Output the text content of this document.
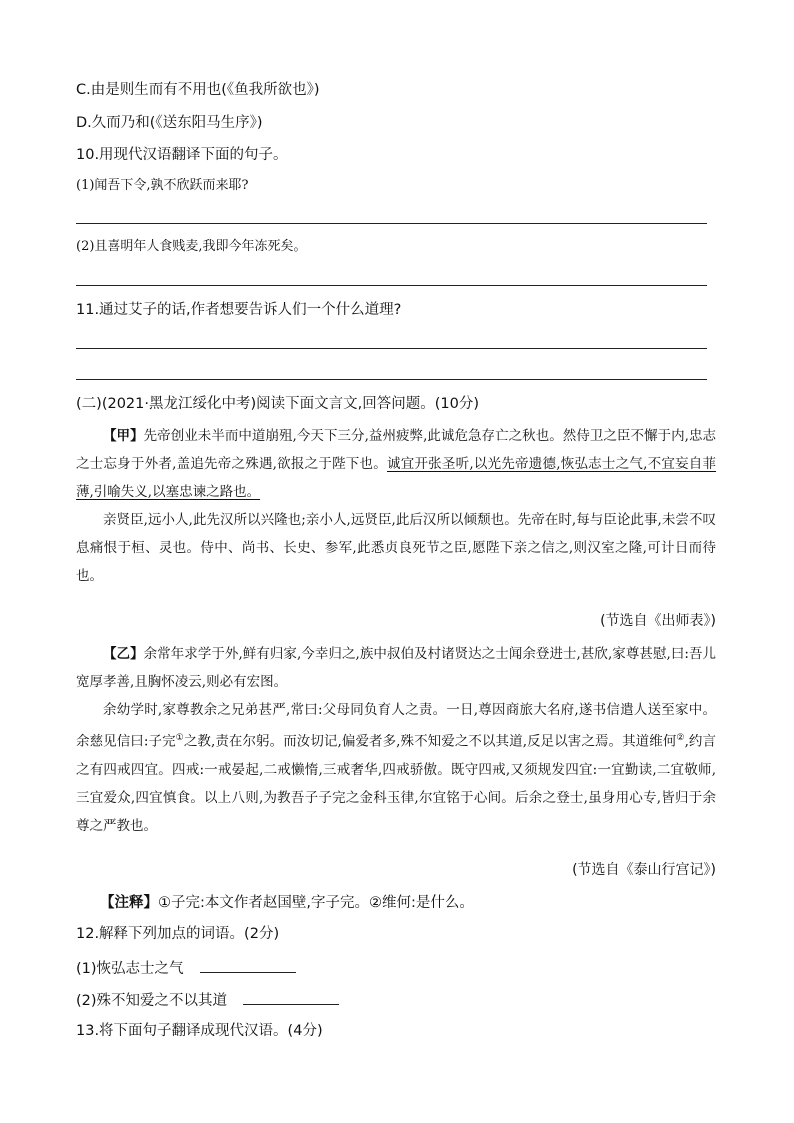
C.由是则生而有不用也(《鱼我所欲也》)
D.久而乃和(《送东阳马生序》)
10.用现代汉语翻译下面的句子。
(1)闻吾下令,孰不欣跃而来耶?
(2)且喜明年人食贱麦,我即今年冻死矣。
11.通过艾子的话,作者想要告诉人们一个什么道理?
(二)(2021·黑龙江绥化中考)阅读下面文言文,回答问题。(10分)

【甲】先帝创业未半而中道崩殂,今天下三分,益州疲弊,此诚危急存亡之秋也。然侍卫之臣不懈于内,忠志之士忘身于外者,盖追先帝之殊遇,欲报之于陛下也。诚宜开张圣听,以光先帝遗德,恢弘志士之气,不宜妄自菲薄,引喻失义,以塞忠谏之路也。

亲贤臣,远小人,此先汉所以兴隆也;亲小人,远贤臣,此后汉所以倾颓也。先帝在时,每与臣论此事,未尝不叹息痛恨于桓、灵也。侍中、尚书、长史、参军,此悉贞良死节之臣,愿陛下亲之信之,则汉室之隆,可计日而待也。

(节选自《出师表》)

【乙】余常年求学于外,鲜有归家,今幸归之,族中叔伯及村诸贤达之士闻余登进士,甚欣,家尊甚慰,曰:吾儿宽厚孝善,且胸怀凌云,则必有宏图。

余幼学时,家尊教余之兄弟甚严,常曰:父母同负育人之责。一日,尊因商旅大名府,遂书信遣人送至家中。余慈见信曰:子完①之教,责在尔躬。而汝切记,偏爱者多,殊不知爱之不以其道,反足以害之焉。其道维何②,约言之有四戒四宜。四戒:一戒晏起,二戒懒惰,三戒奢华,四戒骄傲。既守四戒,又须规发四宜:一宜勤读,二宜敬师,三宜爱众,四宜慎食。以上八则,为教吾子子完之金科玉律,尔宜铭于心间。后余之登士,虽身用心专,皆归于余尊之严教也。

(节选自《泰山行宫记》)
【注释】①子完:本文作者赵国壁,字子完。②维何:是什么。
12.解释下列加点的词语。(2分)
(1)恢弘志士之气
(2)殊不知爱之不以其道
13.将下面句子翻译成现代汉语。(4分)
